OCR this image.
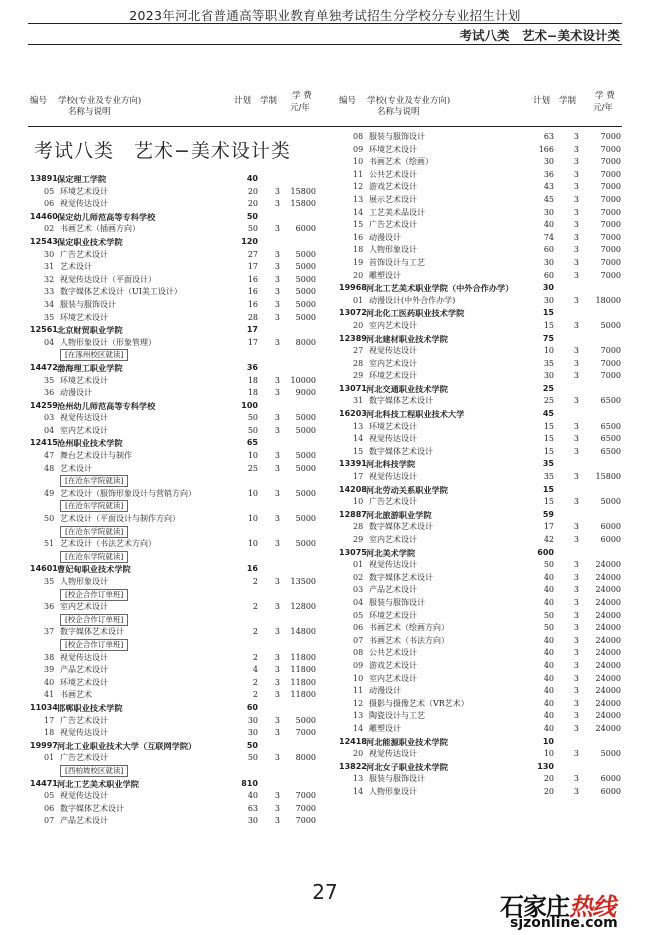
2023年河北省普通高等职业教育单独考试招生分学校分专业招生计划
考试八类　艺术−美术设计类
编号 学校(专业及专业方向)
名称与说明
计划 学制 学 费
元/年
编号 学校(专业及专业方向)
名称与说明
计划 学制 学 费
元/年
考试八类　艺术−美术设计类
13891 保定理工学院	40
05 环境艺术设计	20	3	15800
06 视觉传达设计	20	3	15800
14460 保定幼儿师范高等专科学校	50
02 书画艺术（插画方向）	50	3	6000
12543 保定职业技术学院	120
30 广告艺术设计	27	3	5000
31 艺术设计	17	3	5000
32 视觉传达设计（平面设计）	16	3	5000
33 数字媒体艺术设计（UI美工设计）	16	3	5000
34 服装与服饰设计	16	3	5000
35 环境艺术设计	28	3	5000
12561 北京财贸职业学院	17
04 人物形象设计（形象管理）	17	3	8000
[在涿州校区就读]
14472 渤海理工职业学院	36
35 环境艺术设计	18	3	10000
36 动漫设计	18	3	9000
14259 沧州幼儿师范高等专科学校	100
03 视觉传达设计	50	3	5000
04 室内艺术设计	50	3	5000
12415 沧州职业技术学院	65
47 舞台艺术设计与制作	10	3	5000
48 艺术设计	25	3	5000
[在沧东学院就读]
49 艺术设计（服饰形象设计与营销方向）	10	3	5000
[在沧东学院就读]
50 艺术设计（平面设计与制作方向）	10	3	5000
[在沧东学院就读]
51 艺术设计（书法艺术方向）	10	3	5000
[在沧东学院就读]
14601 曹妃甸职业技术学院	16
35 人物形象设计	2	3	13500
[校企合作订单班]
36 室内艺术设计	2	3	12800
[校企合作订单班]
37 数字媒体艺术设计	2	3	14800
[校企合作订单班]
38 视觉传达设计	2	3	11800
39 产品艺术设计	4	3	11800
40 环境艺术设计	2	3	11800
41 书画艺术	2	3	11800
11034 邯郸职业技术学院	60
17 广告艺术设计	30	3	5000
18 视觉传达设计	30	3	7000
19997 河北工业职业技术大学（互联网学院）	50
01 广告艺术设计	50	3	8000
[西柏坡校区就读]
14471 河北工艺美术职业学院	810
05 视觉传达设计	40	3	7000
06 数字媒体艺术设计	63	3	7000
07 产品艺术设计	30	3	7000
08 服装与服饰设计	63	3	7000
09 环境艺术设计	166	3	7000
10 书画艺术（绘画）	30	3	7000
11 公共艺术设计	36	3	7000
12 游戏艺术设计	43	3	7000
13 展示艺术设计	45	3	7000
14 工艺美术品设计	30	3	7000
15 广告艺术设计	40	3	7000
16 动漫设计	74	3	7000
18 人物形象设计	60	3	7000
19 首饰设计与工艺	30	3	7000
20 雕塑设计	60	3	7000
19968 河北工艺美术职业学院（中外合作办学）	30
01 动漫设计(中外合作办学)	30	3	18000
13072 河北化工医药职业技术学院	15
20 室内艺术设计	15	3	5000
12389 河北建材职业技术学院	75
27 视觉传达设计	10	3	7000
28 室内艺术设计	35	3	7000
29 环境艺术设计	30	3	7000
13071 河北交通职业技术学院	25
31 数字媒体艺术设计	25	3	6500
16203 河北科技工程职业技术大学	45
13 环境艺术设计	15	3	6500
14 视觉传达设计	15	3	6500
15 数字媒体艺术设计	15	3	6500
13391 河北科技学院	35
17 视觉传达设计	35	3	15800
14208 河北劳动关系职业学院	15
10 广告艺术设计	15	3	5000
12887 河北旅游职业学院	59
28 数字媒体艺术设计	17	3	6000
29 室内艺术设计	42	3	6000
13075 河北美术学院	600
01 视觉传达设计	50	3	24000
02 数字媒体艺术设计	40	3	24000
03 产品艺术设计	40	3	24000
04 服装与服饰设计	40	3	24000
05 环境艺术设计	50	3	24000
06 书画艺术（绘画方向）	50	3	24000
07 书画艺术（书法方向）	40	3	24000
08 公共艺术设计	40	3	24000
09 游戏艺术设计	40	3	24000
10 室内艺术设计	40	3	24000
11 动漫设计	40	3	24000
12 摄影与摄像艺术（VR艺术）	40	3	24000
13 陶瓷设计与工艺	40	3	24000
14 雕塑设计	40	3	24000
12418 河北能源职业技术学院	10
20 视觉传达设计	10	3	5000
13822 河北女子职业技术学院	130
13 服装与服饰设计	20	3	6000
14 人物形象设计	20	3	6000
27
石家庄热线
sjzonline.com
